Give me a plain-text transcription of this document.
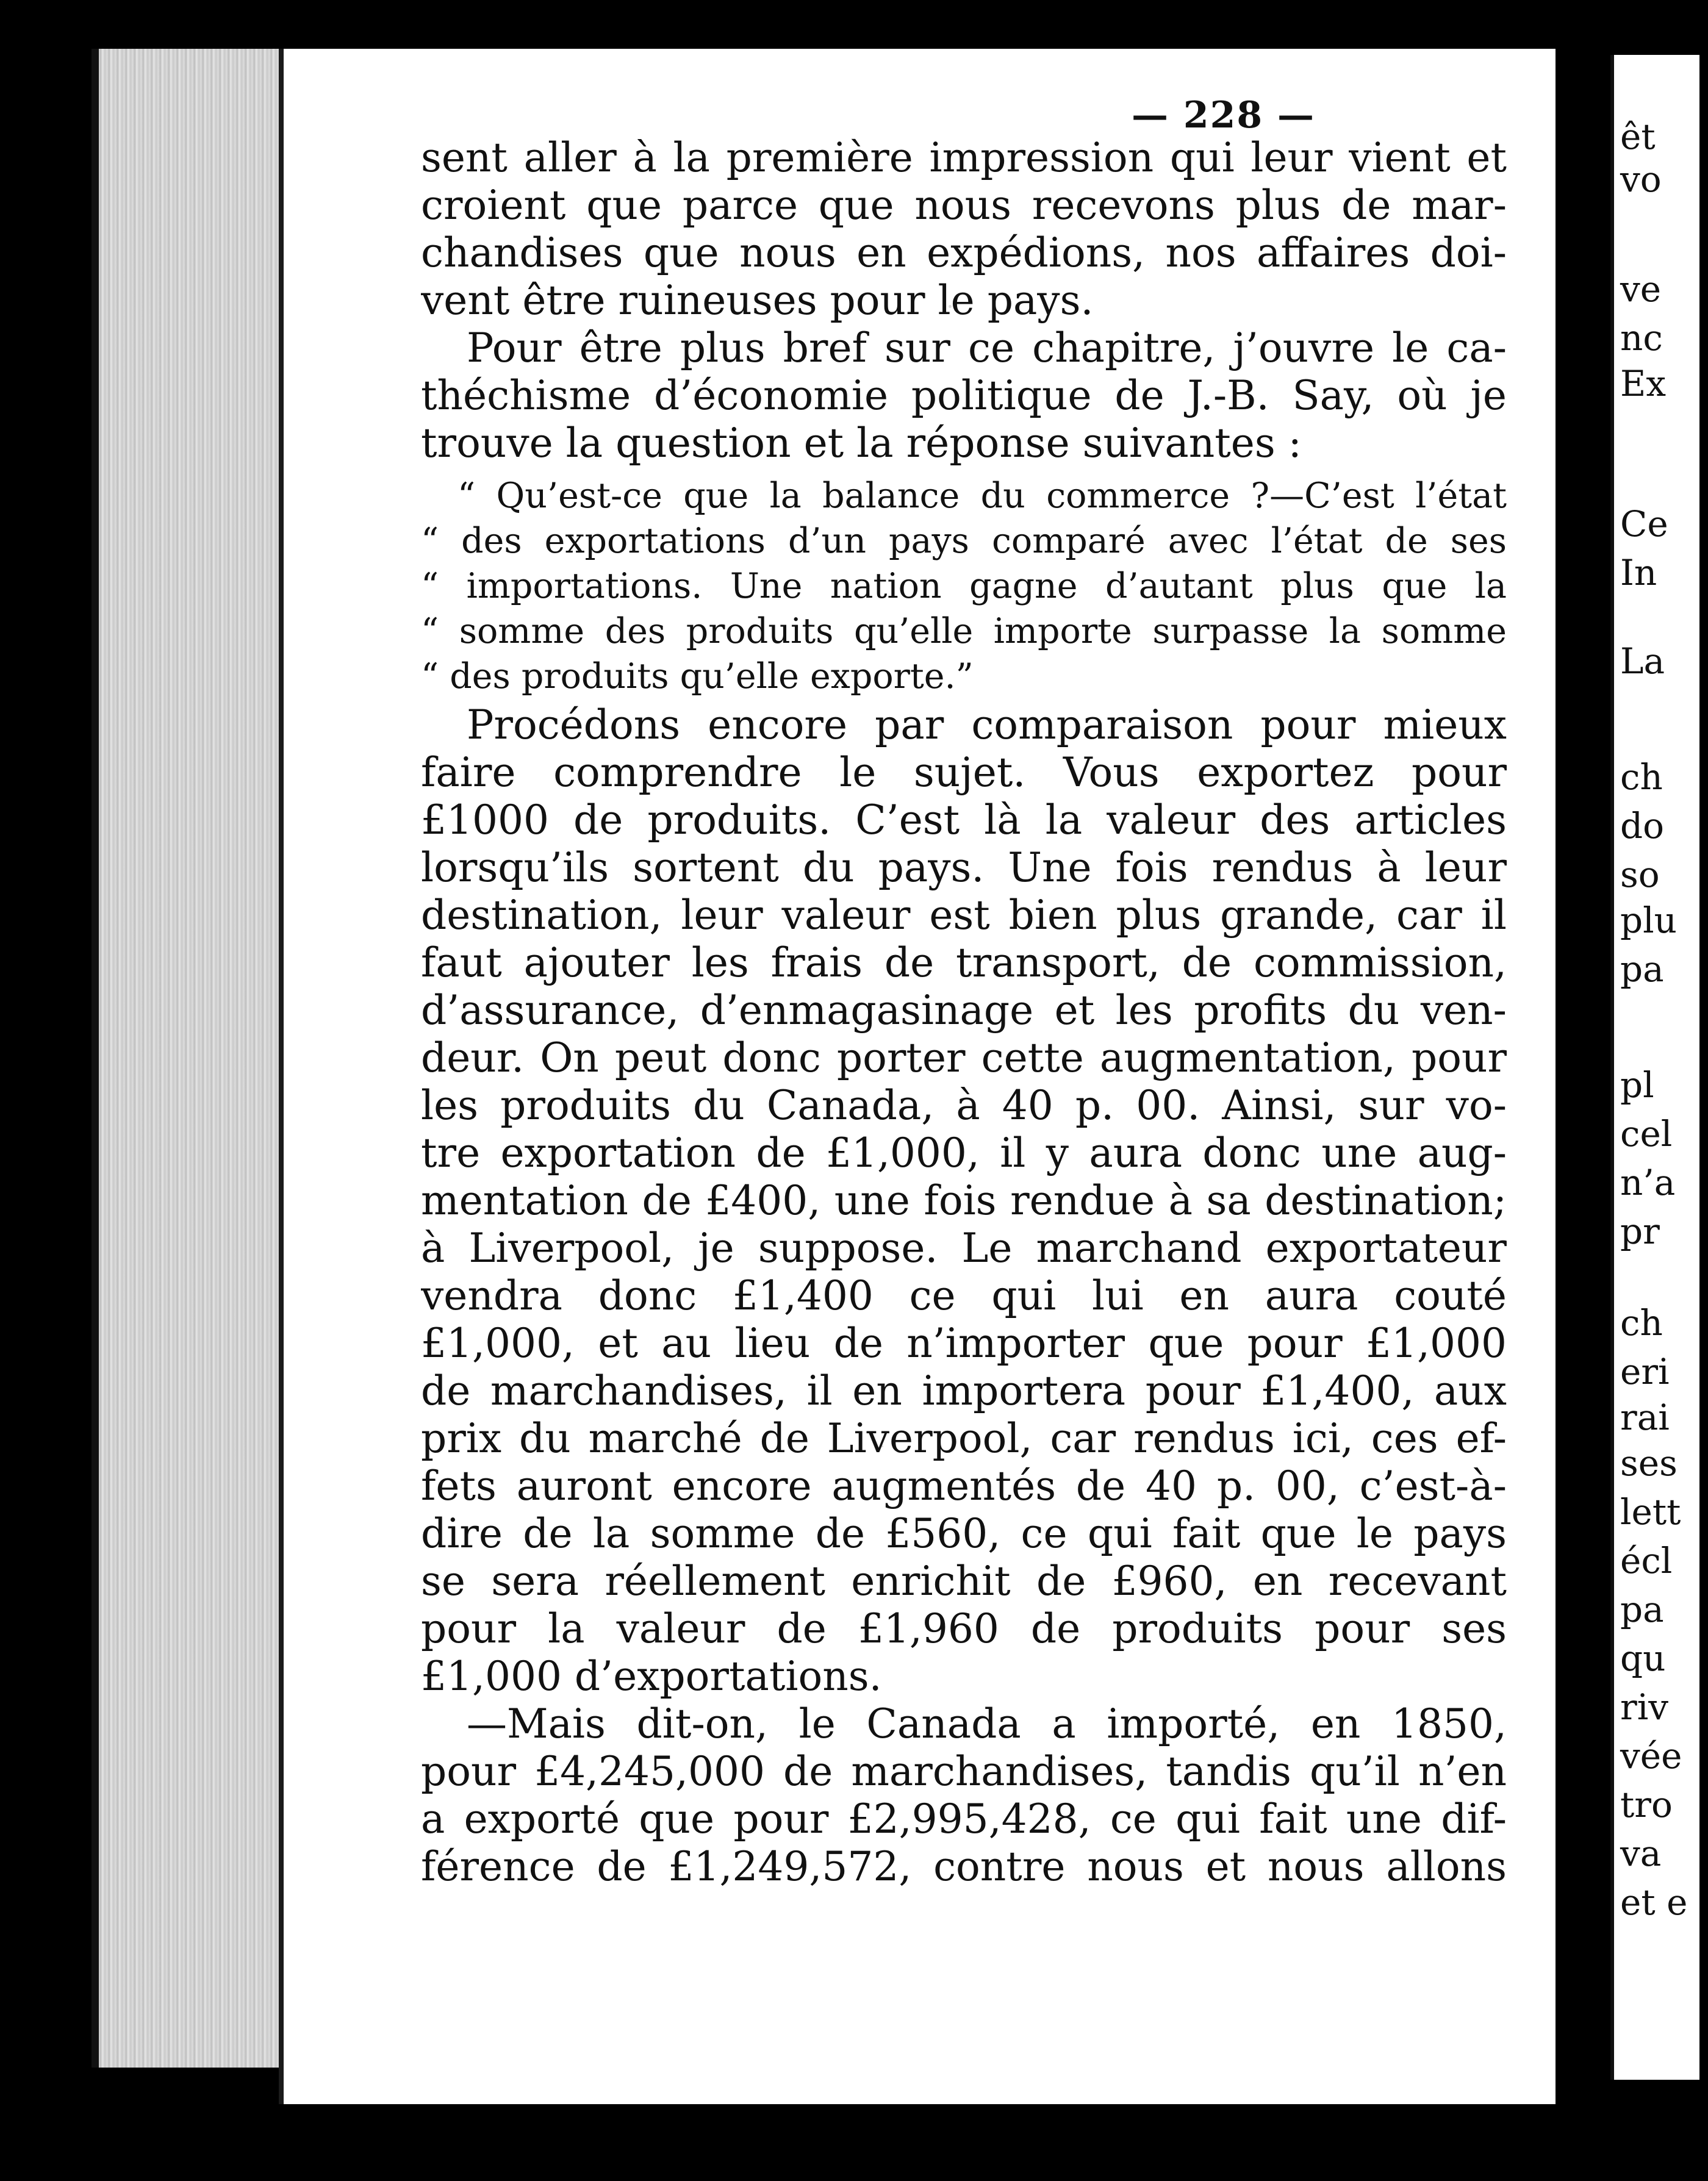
— 228 —
sent aller à la première impression qui leur vient et
croient que parce que nous recevons plus de mar-
chandises que nous en expédions, nos affaires doi-
vent être ruineuses pour le pays.
Pour être plus bref sur ce chapitre, j’ouvre le ca-
théchisme d’économie politique de J.-B. Say, où je
trouve la question et la réponse suivantes :
“ Qu’est-ce que la balance du commerce ?—C’est l’état
“ des exportations d’un pays comparé avec l’état de ses
“ importations. Une nation gagne d’autant plus que la
“ somme des produits qu’elle importe surpasse la somme
“ des produits qu’elle exporte.”
Procédons encore par comparaison pour mieux
faire comprendre le sujet. Vous exportez pour
£1000 de produits. C’est là la valeur des articles
lorsqu’ils sortent du pays. Une fois rendus à leur
destination, leur valeur est bien plus grande, car il
faut ajouter les frais de transport, de commission,
d’assurance, d’enmagasinage et les profits du ven-
deur. On peut donc porter cette augmentation, pour
les produits du Canada, à 40 p. 00. Ainsi, sur vo-
tre exportation de £1,000, il y aura donc une aug-
mentation de £400, une fois rendue à sa destination;
à Liverpool, je suppose. Le marchand exportateur
vendra donc £1,400 ce qui lui en aura couté
£1,000, et au lieu de n’importer que pour £1,000
de marchandises, il en importera pour £1,400, aux
prix du marché de Liverpool, car rendus ici, ces ef-
fets auront encore augmentés de 40 p. 00, c’est-à-
dire de la somme de £560, ce qui fait que le pays
se sera réellement enrichit de £960, en recevant
pour la valeur de £1,960 de produits pour ses
£1,000 d’exportations.
—Mais dit-on, le Canada a importé, en 1850,
pour £4,245,000 de marchandises, tandis qu’il n’en
a exporté que pour £2,995,428, ce qui fait une dif-
férence de £1,249,572, contre nous et nous allons
êt
vo
ve
nc
Ex
Ce
In
La
ch
do
so
plu
pa
pl
cel
n’a
pr
ch
eri
rai
ses
lett
écl
pa
qu
riv
vée
tro
va
et e
